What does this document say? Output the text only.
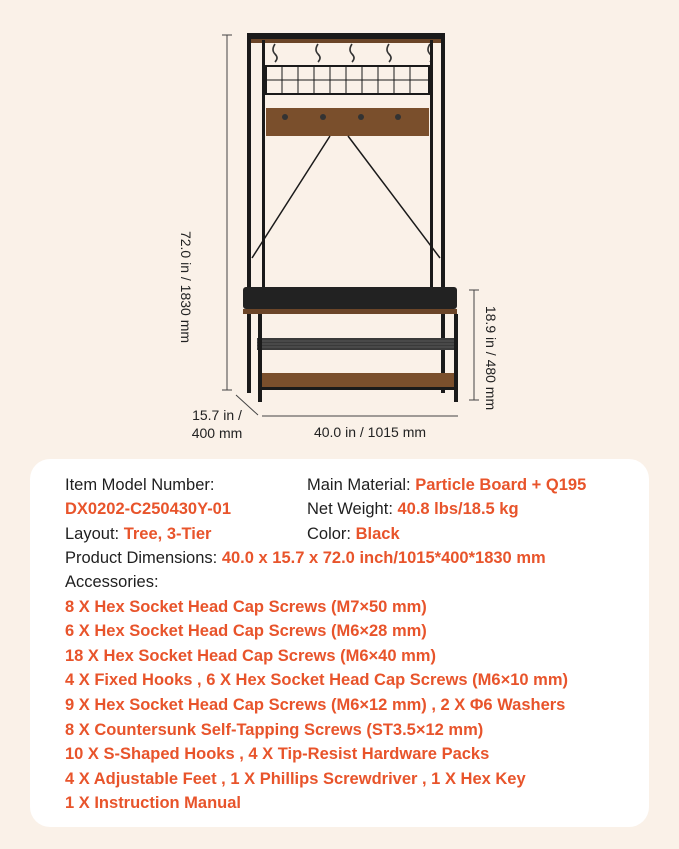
72.0 in / 1830 mm
18.9 in / 480 mm
15.7 in /
400 mm	40.0 in / 1015 mm
Item Model Number:	Main Material: Particle Board + Q195
DX0202-C250430Y-01	Net Weight: 40.8 lbs/18.5 kg
Layout: Tree, 3-Tier	Color: Black
Product Dimensions: 40.0 x 15.7 x 72.0 inch/1015*400*1830 mm
Accessories:
8 X Hex Socket Head Cap Screws (M7×50 mm)
6 X Hex Socket Head Cap Screws (M6×28 mm)
18 X Hex Socket Head Cap Screws (M6×40 mm)
4 X Fixed Hooks , 6 X Hex Socket Head Cap Screws (M6×10 mm)
9 X Hex Socket Head Cap Screws (M6×12 mm) , 2 X Φ6 Washers
8 X Countersunk Self-Tapping Screws (ST3.5×12 mm)
10 X S-Shaped Hooks , 4 X Tip-Resist Hardware Packs
4 X Adjustable Feet , 1 X Phillips Screwdriver , 1 X Hex Key
1 X Instruction Manual
